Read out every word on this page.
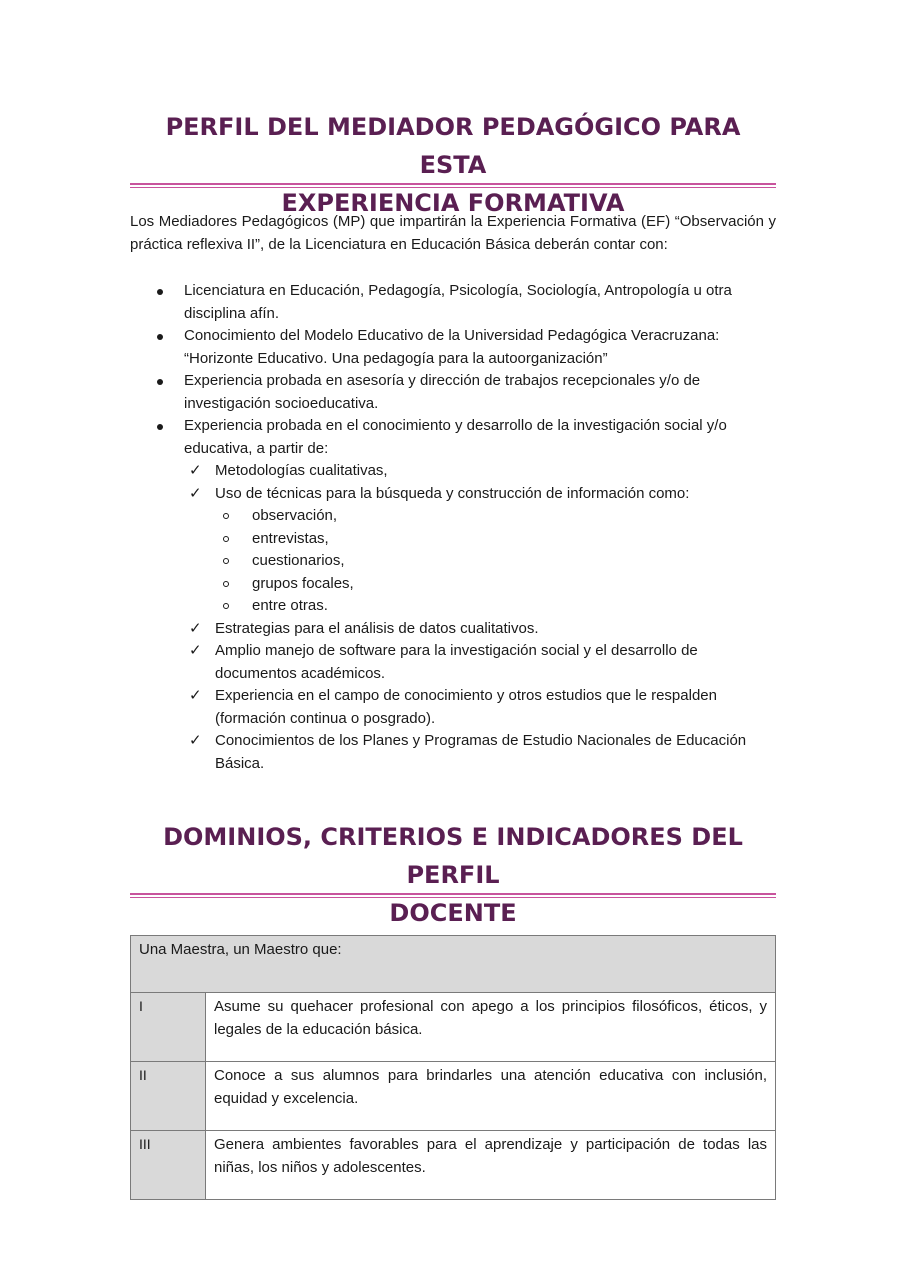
PERFIL DEL MEDIADOR PEDAGÓGICO PARA ESTA
EXPERIENCIA FORMATIVA

Los Mediadores Pedagógicos (MP) que impartirán la Experiencia Formativa (EF) “Observación y práctica reflexiva II”, de la Licenciatura en Educación Básica deberán contar con:

Licenciatura en Educación, Pedagogía, Psicología, Sociología, Antropología u otra disciplina afín.
Conocimiento del Modelo Educativo de la Universidad Pedagógica Veracruzana: “Horizonte Educativo. Una pedagogía para la autoorganización”
Experiencia probada en asesoría y dirección de trabajos recepcionales y/o de investigación socioeducativa.
Experiencia probada en el conocimiento y desarrollo de la investigación social y/o educativa, a partir de:
✓ Metodologías cualitativas,
✓ Uso de técnicas para la búsqueda y construcción de información como:
observación,
entrevistas,
cuestionarios,
grupos focales,
entre otras.
✓ Estrategias para el análisis de datos cualitativos.
✓ Amplio manejo de software para la investigación social y el desarrollo de documentos académicos.
✓ Experiencia en el campo de conocimiento y otros estudios que le respalden (formación continua o posgrado).
✓ Conocimientos de los Planes y Programas de Estudio Nacionales de Educación Básica.
DOMINIOS, CRITERIOS E INDICADORES DEL PERFIL
DOCENTE
Una Maestra, un Maestro que:	
I	Asume su quehacer profesional con apego a los principios filosóficos, éticos, y legales de la educación básica.
II	Conoce a sus alumnos para brindarles una atención educativa con inclusión, equidad y excelencia.
III	Genera ambientes favorables para el aprendizaje y participación de todas las niñas, los niños y adolescentes.
